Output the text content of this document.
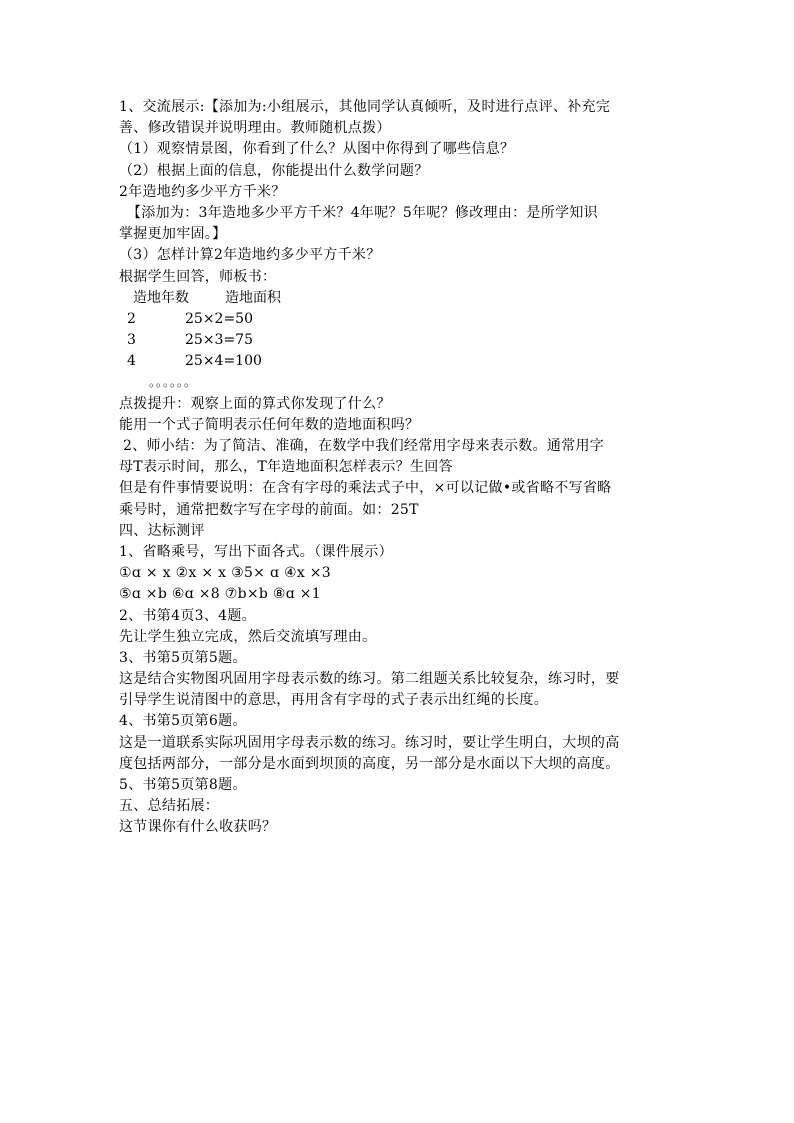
1、交流展示:【添加为:小组展示，其他同学认真倾听，及时进行点评、补充完
善、修改错误并说明理由。教师随机点拨）
（1）观察情景图，你看到了什么？从图中你得到了哪些信息？
（2）根据上面的信息，你能提出什么数学问题？
2年造地约多少平方千米？
【添加为：3年造地多少平方千米？4年呢？5年呢？修改理由：是所学知识
掌握更加牢固。】
（3）怎样计算2年造地约多少平方千米？
根据学生回答，师板书：
造地年数	造地面积
2	25×2=50
3	25×3=75
4	25×4=100
。。。。。。
点拨提升：观察上面的算式你发现了什么？
能用一个式子简明表示任何年数的造地面积吗？
2、师小结：为了简洁、准确，在数学中我们经常用字母来表示数。通常用字
母T表示时间，那么，T年造地面积怎样表示？生回答
但是有件事情要说明：在含有字母的乘法式子中，×可以记做•或省略不写省略
乘号时，通常把数字写在字母的前面。如：25T
四、达标测评
1、省略乘号，写出下面各式。（课件展示）
①ɑ × x ②x × x ③5× ɑ ④x ×3
⑤ɑ ×b ⑥ɑ ×8 ⑦b×b ⑧ɑ ×1
2、书第4页3、4题。
先让学生独立完成，然后交流填写理由。
3、书第5页第5题。
这是结合实物图巩固用字母表示数的练习。第二组题关系比较复杂，练习时，要
引导学生说清图中的意思，再用含有字母的式子表示出红绳的长度。
4、书第5页第6题。
这是一道联系实际巩固用字母表示数的练习。练习时，要让学生明白，大坝的高
度包括两部分，一部分是水面到坝顶的高度，另一部分是水面以下大坝的高度。
5、书第5页第8题。
五、总结拓展：
这节课你有什么收获吗？
